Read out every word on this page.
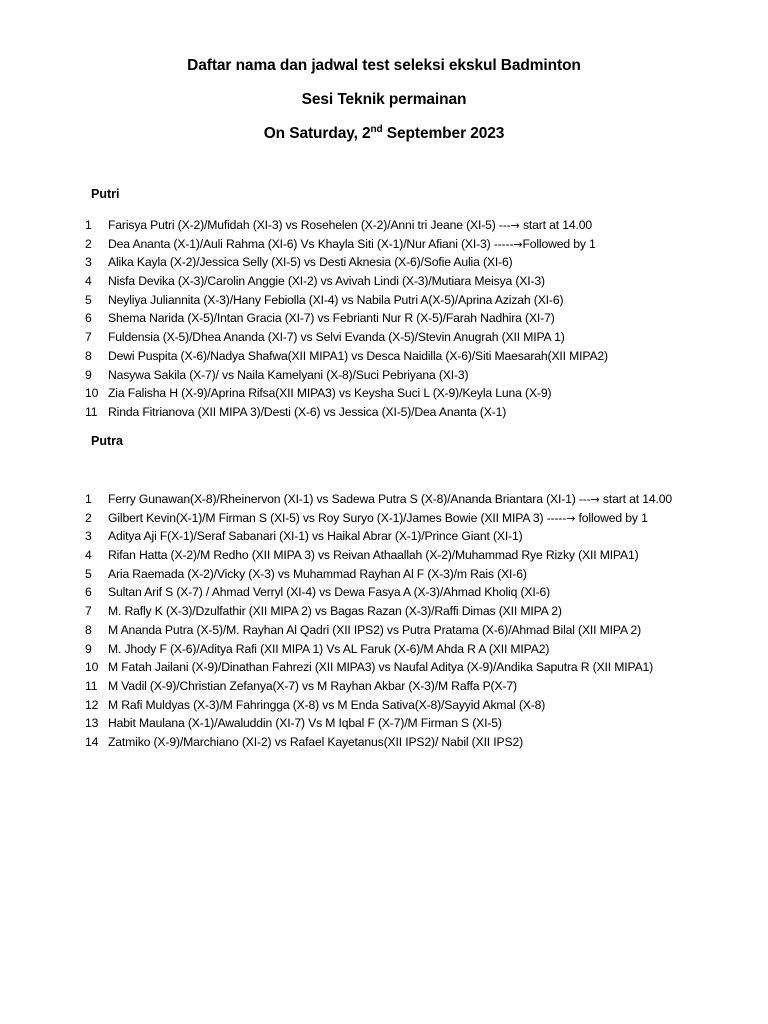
Daftar nama dan jadwal test seleksi ekskul Badminton
Sesi Teknik permainan
On Saturday, 2nd September 2023
Putri
1	Farisya Putri (X-2)/Mufidah (XI-3) vs Rosehelen (X-2)/Anni tri Jeane (XI-5) ---→ start at 14.00
2	Dea Ananta (X-1)/Auli Rahma (XI-6) Vs Khayla Siti (X-1)/Nur Afiani (XI-3) -----→Followed by 1
3	Alika Kayla (X-2)/Jessica Selly (XI-5) vs Desti Aknesia (X-6)/Sofie Aulia (XI-6)
4	Nisfa Devika (X-3)/Carolin Anggie (XI-2) vs Avivah Lindi (X-3)/Mutiara Meisya (XI-3)
5	Neyliya Juliannita (X-3)/Hany Febiolla (XI-4) vs Nabila Putri A(X-5)/Aprina Azizah (XI-6)
6	Shema Narida (X-5)/Intan Gracia (XI-7) vs Febrianti Nur R (X-5)/Farah Nadhira (XI-7)
7	Fuldensia (X-5)/Dhea Ananda (XI-7) vs Selvi Evanda (X-5)/Stevin Anugrah (XII MIPA 1)
8	Dewi Puspita (X-6)/Nadya Shafwa(XII MIPA1) vs Desca Naidilla (X-6)/Siti Maesarah(XII MIPA2)
9	Nasywa Sakila (X-7)/ vs Naila Kamelyani (X-8)/Suci Pebriyana (XI-3)
10 Zia Falisha H (X-9)/Aprina Rifsa(XII MIPA3) vs Keysha Suci L (X-9)/Keyla Luna (X-9)
11 Rinda Fitrianova (XII MIPA 3)/Desti (X-6) vs Jessica (XI-5)/Dea Ananta (X-1)
Putra
1	Ferry Gunawan(X-8)/Rheinervon (XI-1) vs Sadewa Putra S (X-8)/Ananda Briantara (XI-1) ---→ start at 14.00
2	Gilbert Kevin(X-1)/M Firman S (XI-5) vs Roy Suryo (X-1)/James Bowie (XII MIPA 3) -----→ followed by 1
3	Aditya Aji F(X-1)/Seraf Sabanari (XI-1) vs Haikal Abrar (X-1)/Prince Giant (XI-1)
4	Rifan Hatta (X-2)/M Redho (XII MIPA 3) vs Reivan Athaallah (X-2)/Muhammad Rye Rizky (XII MIPA1)
5	Aria Raemada (X-2)/Vicky (X-3) vs Muhammad Rayhan Al F (X-3)/m Rais (XI-6)
6	Sultan Arif S (X-7) / Ahmad Verryl (XI-4) vs Dewa Fasya A (X-3)/Ahmad Kholiq (XI-6)
7	M. Rafly K (X-3)/Dzulfathir (XII MIPA 2) vs Bagas Razan (X-3)/Raffi Dimas (XII MIPA 2)
8	M Ananda Putra (X-5)/M. Rayhan Al Qadri (XII IPS2) vs Putra Pratama (X-6)/Ahmad Bilal (XII MIPA 2)
9	M. Jhody F (X-6)/Aditya Rafi (XII MIPA 1) Vs AL Faruk (X-6)/M Ahda R A (XII MIPA2)
10 M Fatah Jailani (X-9)/Dinathan Fahrezi (XII MIPA3) vs Naufal Aditya (X-9)/Andika Saputra R (XII MIPA1)
11 M Vadil (X-9)/Christian Zefanya(X-7) vs M Rayhan Akbar (X-3)/M Raffa P(X-7)
12 M Rafi Muldyas (X-3)/M Fahringga (X-8) vs M Enda Sativa(X-8)/Sayyid Akmal (X-8)
13 Habit Maulana (X-1)/Awaluddin (XI-7) Vs M Iqbal F (X-7)/M Firman S (XI-5)
14 Zatmiko (X-9)/Marchiano (XI-2) vs Rafael Kayetanus(XII IPS2)/ Nabil (XII IPS2)
